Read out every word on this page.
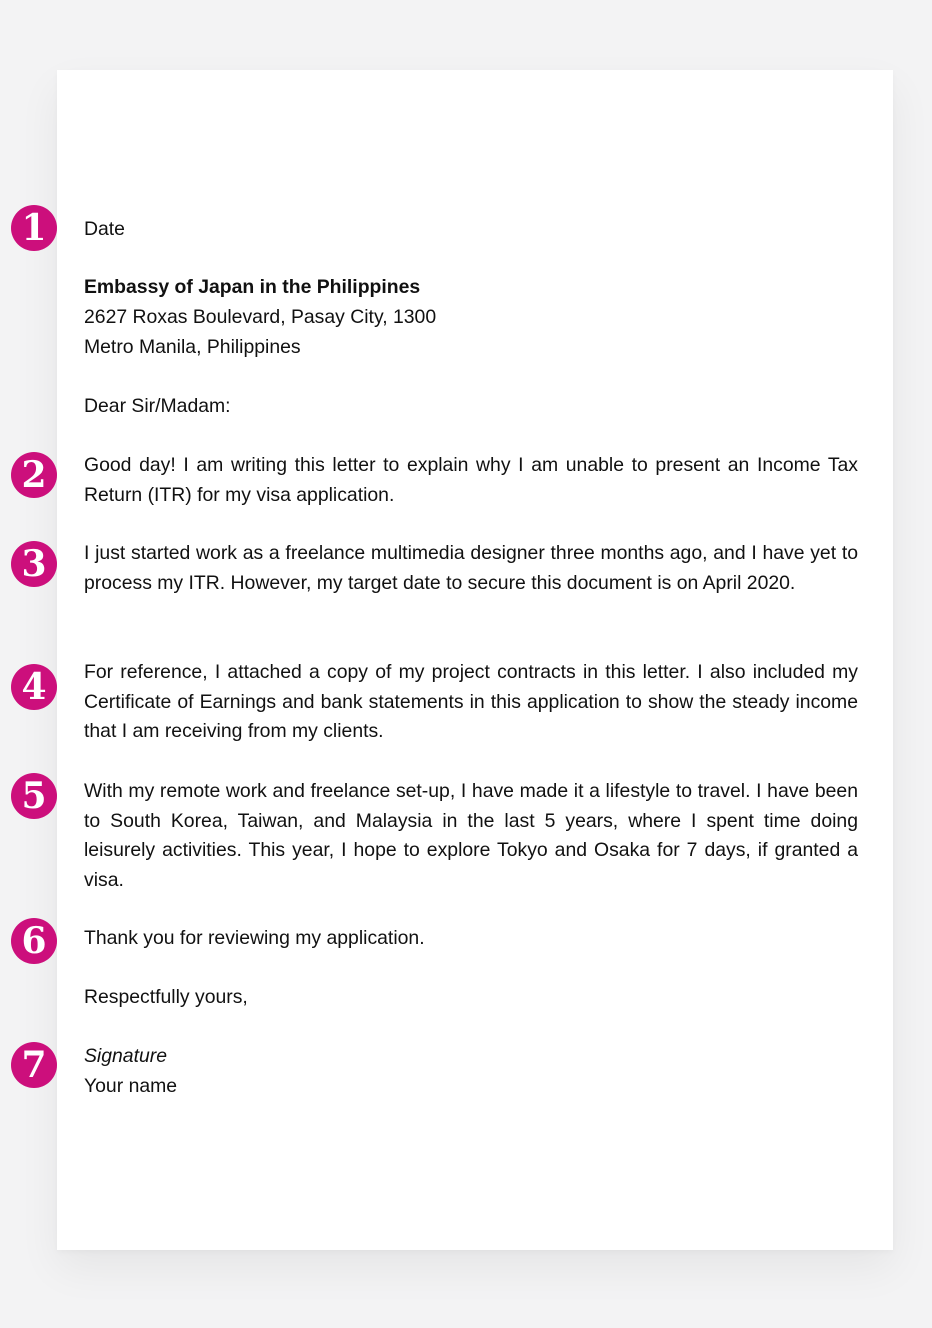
1
2
3
4
5
6
7

Date

Embassy of Japan in the Philippines

2627 Roxas Boulevard, Pasay City, 1300

Metro Manila, Philippines

Dear Sir/Madam:

Good day! I am writing this letter to explain why I am unable to present an Income Tax Return (ITR) for my visa application.

I just started work as a freelance multimedia designer three months ago, and I have yet to process my ITR. However, my target date to secure this document is on April 2020.

For reference, I attached a copy of my project contracts in this letter. I also included my Certificate of Earnings and bank statements in this application to show the steady income that I am receiving from my clients.

With my remote work and freelance set-up, I have made it a lifestyle to travel. I have been to South Korea, Taiwan, and Malaysia in the last 5 years, where I spent time doing leisurely activities. This year, I hope to explore Tokyo and Osaka for 7 days, if granted a visa.

Thank you for reviewing my application.

Respectfully yours,

Signature

Your name
